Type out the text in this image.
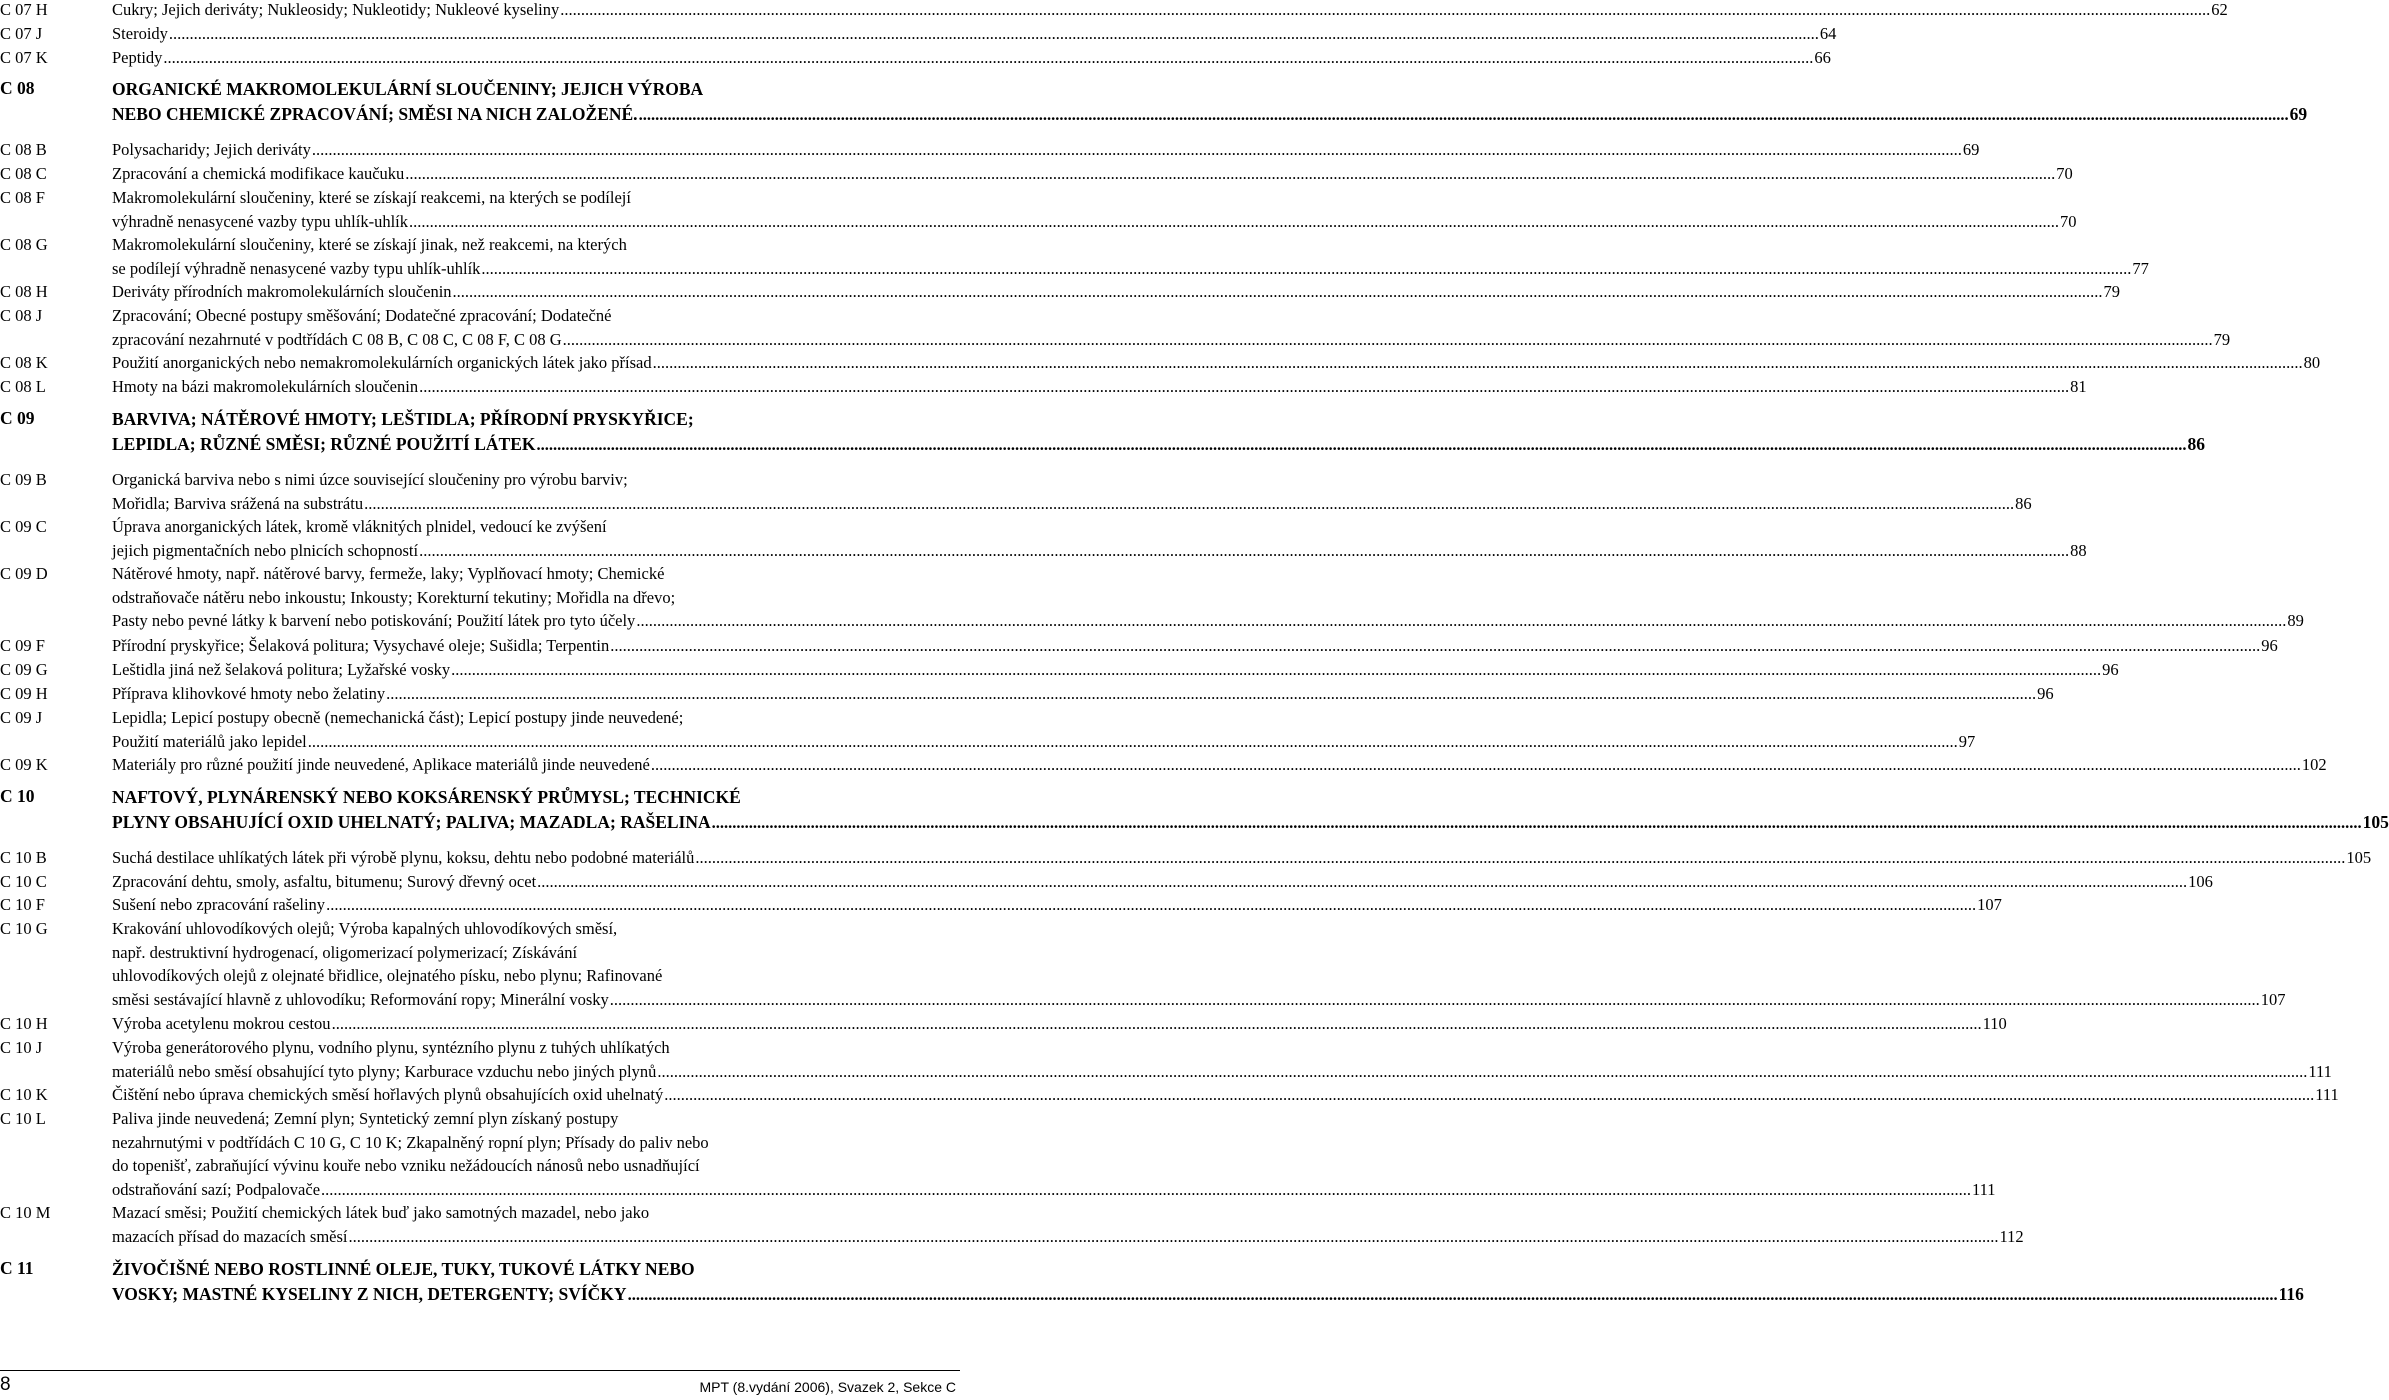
C 07 H	Cukry; Jejich deriváty; Nukleosidy; Nukleotidy; Nukleové kyseliny ................................................................................................................................................................................................................................................................................................................................................................................................................ 62
C 07 J	Steroidy ................................................................................................................................................................................................................................................................................................................................................................................................................ 64
C 07 K	Peptidy ................................................................................................................................................................................................................................................................................................................................................................................................................ 66
C 08	ORGANICKÉ MAKROMOLEKULÁRNÍ SLOUČENINY; JEJICH VÝROBA
NEBO CHEMICKÉ ZPRACOVÁNÍ; SMĚSI NA NICH ZALOŽENÉ. ................................................................................................................................................................................................................................................................................................................................................................................................................ 69
C 08 B	Polysacharidy; Jejich deriváty ................................................................................................................................................................................................................................................................................................................................................................................................................ 69
C 08 C	Zpracování a chemická modifikace kaučuku ................................................................................................................................................................................................................................................................................................................................................................................................................ 70
C 08 F	Makromolekulární sloučeniny, které se získají reakcemi, na kterých se podílejí
výhradně nenasycené vazby typu uhlík-uhlík ................................................................................................................................................................................................................................................................................................................................................................................................................ 70
C 08 G	Makromolekulární sloučeniny, které se získají jinak, než reakcemi, na kterých
se podílejí výhradně nenasycené vazby typu uhlík-uhlík ................................................................................................................................................................................................................................................................................................................................................................................................................ 77
C 08 H	Deriváty přírodních makromolekulárních sloučenin ................................................................................................................................................................................................................................................................................................................................................................................................................ 79
C 08 J	Zpracování; Obecné postupy směšování; Dodatečné zpracování; Dodatečné
zpracování nezahrnuté v podtřídách C 08 B, C 08 C, C 08 F, C 08 G ................................................................................................................................................................................................................................................................................................................................................................................................................ 79
C 08 K	Použití anorganických nebo nemakromolekulárních organických látek jako přísad ................................................................................................................................................................................................................................................................................................................................................................................................................ 80
C 08 L	Hmoty na bázi makromolekulárních sloučenin ................................................................................................................................................................................................................................................................................................................................................................................................................ 81
C 09	BARVIVA; NÁTĚROVÉ HMOTY; LEŠTIDLA; PŘÍRODNÍ PRYSKYŘICE;
LEPIDLA; RŮZNÉ SMĚSI; RŮZNÉ POUŽITÍ LÁTEK ................................................................................................................................................................................................................................................................................................................................................................................................................ 86
C 09 B	Organická barviva nebo s nimi úzce související sloučeniny pro výrobu barviv;
Mořidla; Barviva srážená na substrátu ................................................................................................................................................................................................................................................................................................................................................................................................................ 86
C 09 C	Úprava anorganických látek, kromě vláknitých plnidel, vedoucí ke zvýšení
jejich pigmentačních nebo plnicích schopností ................................................................................................................................................................................................................................................................................................................................................................................................................ 88
C 09 D	Nátěrové hmoty, např. nátěrové barvy, fermeže, laky; Vyplňovací hmoty; Chemické
odstraňovače nátěru nebo inkoustu; Inkousty; Korekturní tekutiny; Mořidla na dřevo;
Pasty nebo pevné látky k barvení nebo potiskování; Použití látek pro tyto účely ................................................................................................................................................................................................................................................................................................................................................................................................................ 89
C 09 F	Přírodní pryskyřice; Šelaková politura; Vysychavé oleje; Sušidla; Terpentin ................................................................................................................................................................................................................................................................................................................................................................................................................ 96
C 09 G	Leštidla jiná než šelaková politura; Lyžařské vosky ................................................................................................................................................................................................................................................................................................................................................................................................................ 96
C 09 H	Příprava klihovkové hmoty nebo želatiny ................................................................................................................................................................................................................................................................................................................................................................................................................ 96
C 09 J	Lepidla; Lepicí postupy obecně (nemechanická část); Lepicí postupy jinde neuvedené;
Použití materiálů jako lepidel ................................................................................................................................................................................................................................................................................................................................................................................................................ 97
C 09 K	Materiály pro různé použití jinde neuvedené, Aplikace materiálů jinde neuvedené ................................................................................................................................................................................................................................................................................................................................................................................................................ 102
C 10	NAFTOVÝ, PLYNÁRENSKÝ NEBO KOKSÁRENSKÝ PRŮMYSL; TECHNICKÉ
PLYNY OBSAHUJÍCÍ OXID UHELNATÝ; PALIVA; MAZADLA; RAŠELINA ................................................................................................................................................................................................................................................................................................................................................................................................................ 105
C 10 B	Suchá destilace uhlíkatých látek při výrobě plynu, koksu, dehtu nebo podobné materiálů ................................................................................................................................................................................................................................................................................................................................................................................................................ 105
C 10 C	Zpracování dehtu, smoly, asfaltu, bitumenu; Surový dřevný ocet ................................................................................................................................................................................................................................................................................................................................................................................................................ 106
C 10 F	Sušení nebo zpracování rašeliny ................................................................................................................................................................................................................................................................................................................................................................................................................ 107
C 10 G	Krakování uhlovodíkových olejů; Výroba kapalných uhlovodíkových směsí,
např. destruktivní hydrogenací, oligomerizací polymerizací; Získávání
uhlovodíkových olejů z olejnaté břidlice, olejnatého písku, nebo plynu; Rafinované
směsi sestávající hlavně z uhlovodíku; Reformování ropy; Minerální vosky ................................................................................................................................................................................................................................................................................................................................................................................................................ 107
C 10 H	Výroba acetylenu mokrou cestou ................................................................................................................................................................................................................................................................................................................................................................................................................ 110
C 10 J	Výroba generátorového plynu, vodního plynu, syntézního plynu z tuhých uhlíkatých
materiálů nebo směsí obsahující tyto plyny; Karburace vzduchu nebo jiných plynů ................................................................................................................................................................................................................................................................................................................................................................................................................ 111
C 10 K	Čištění nebo úprava chemických směsí hořlavých plynů obsahujících oxid uhelnatý ................................................................................................................................................................................................................................................................................................................................................................................................................ 111
C 10 L	Paliva jinde neuvedená; Zemní plyn; Syntetický zemní plyn získaný postupy
nezahrnutými v podtřídách C 10 G, C 10 K; Zkapalněný ropní plyn; Přísady do paliv nebo
do topenišť, zabraňující vývinu kouře nebo vzniku nežádoucích nánosů nebo usnadňující
odstraňování sazí; Podpalovače ................................................................................................................................................................................................................................................................................................................................................................................................................ 111
C 10 M	Mazací směsi; Použití chemických látek buď jako samotných mazadel, nebo jako
mazacích přísad do mazacích směsí ................................................................................................................................................................................................................................................................................................................................................................................................................ 112
C 11	ŽIVOČIŠNÉ NEBO ROSTLINNÉ OLEJE, TUKY, TUKOVÉ LÁTKY NEBO
VOSKY; MASTNÉ KYSELINY Z NICH, DETERGENTY; SVÍČKY ................................................................................................................................................................................................................................................................................................................................................................................................................ 116
8	MPT (8.vydání 2006), Svazek 2, Sekce C
